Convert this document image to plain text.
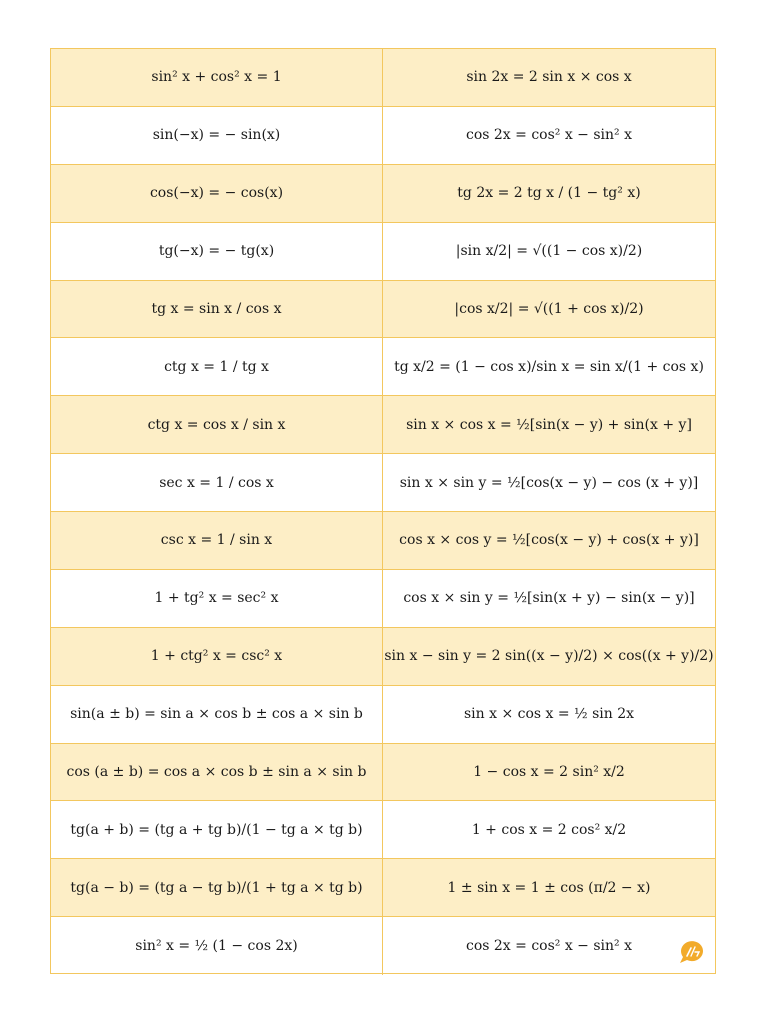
sin² x + cos² x = 1	sin 2x = 2 sin x × cos x
sin(−x) = − sin(x)	cos 2x = cos² x − sin² x
cos(−x) = − cos(x)	tg 2x = 2 tg x / (1 − tg² x)
tg(−x) = − tg(x)	|sin x/2| = √((1 − cos x)/2)
tg x = sin x / cos x	|cos x/2| = √((1 + cos x)/2)
ctg x = 1 / tg x	tg x/2 = (1 − cos x)/sin x = sin x/(1 + cos x)
ctg x = cos x / sin x	sin x × cos x = ½[sin(x − y) + sin(x + y]
sec x = 1 / cos x	sin x × sin y = ½[cos(x − y) − cos (x + y)]
csc x = 1 / sin x	cos x × cos y = ½[cos(x − y) + cos(x + y)]
1 + tg² x = sec² x	cos x × sin y = ½[sin(x + y) − sin(x − y)]
1 + ctg² x = csc² x	sin x − sin y = 2 sin((x − y)/2) × cos((x + y)/2)
sin(a ± b) = sin a × cos b ± cos a × sin b	sin x × cos x = ½ sin 2x
cos (a ± b) = cos a × cos b ± sin a × sin b	1 − cos x = 2 sin² x/2
tg(a + b) = (tg a + tg b)/(1 − tg a × tg b)	1 + cos x = 2 cos² x/2
tg(a − b) = (tg a − tg b)/(1 + tg a × tg b)	1 ± sin x = 1 ± cos (π/2 − x)
sin² x = ½ (1 − cos 2x)	cos 2x = cos² x − sin² x
